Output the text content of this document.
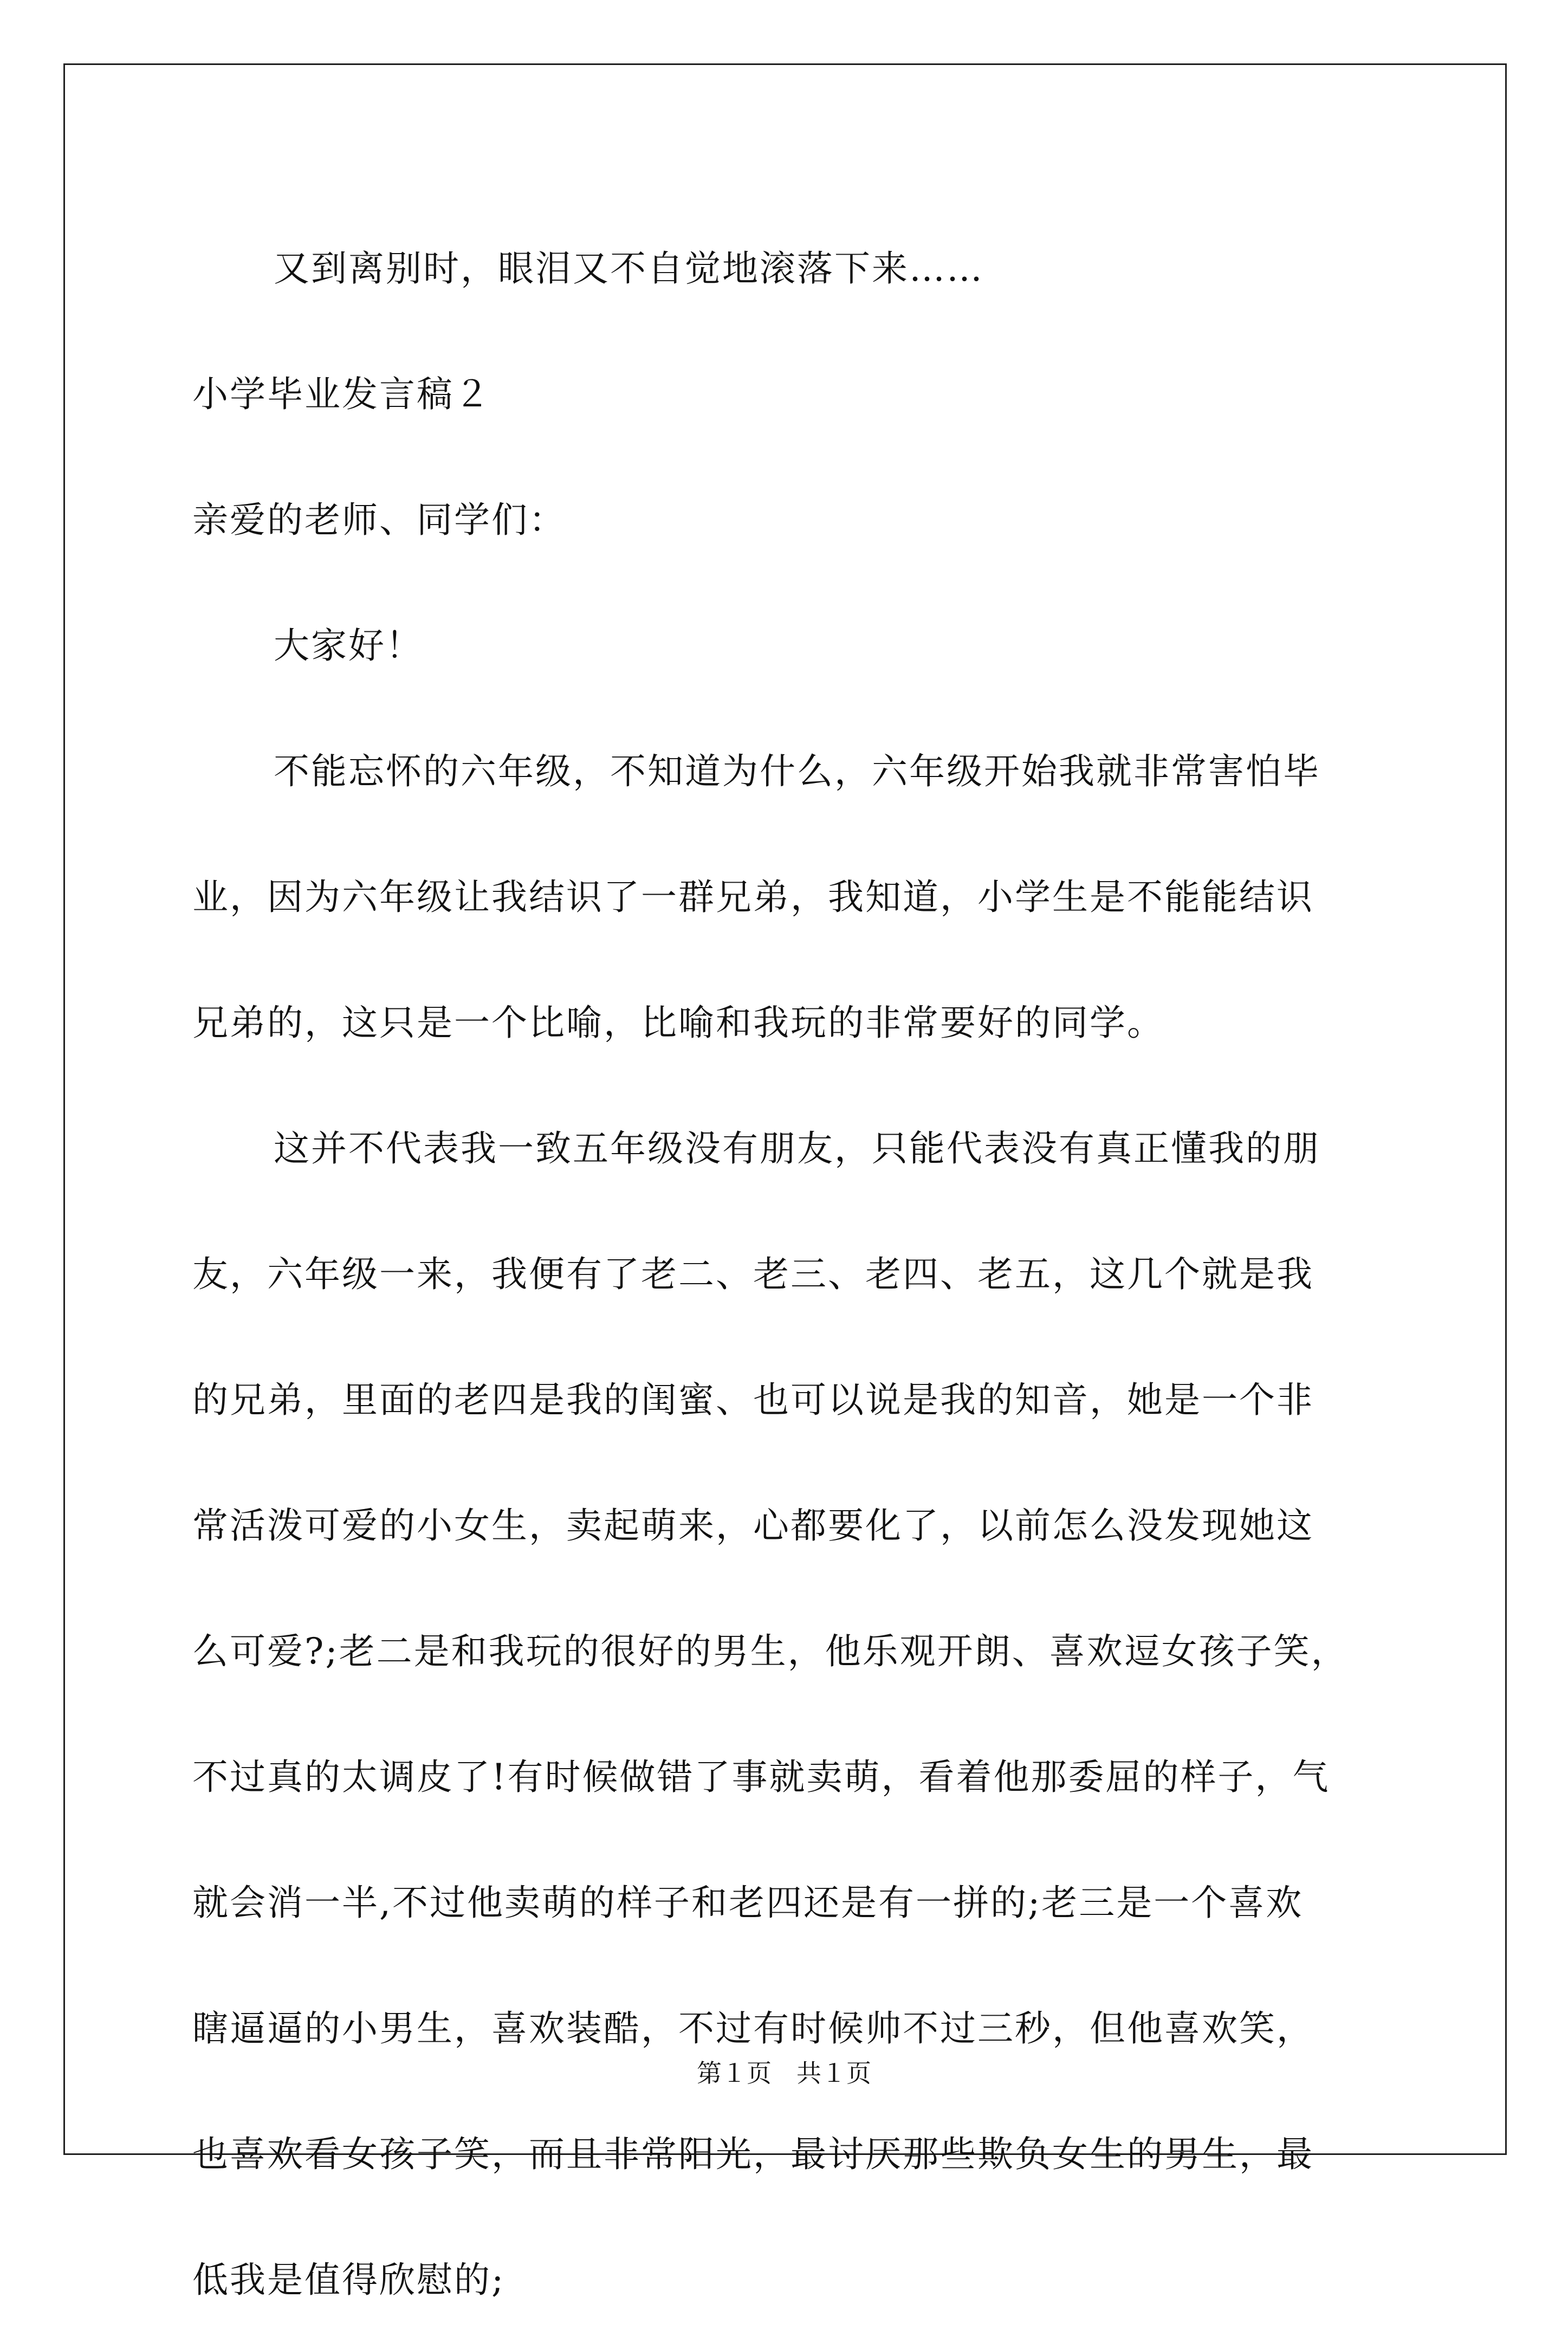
又到离别时，眼泪又不自觉地滚落下来……
小学毕业发言稿２
亲爱的老师、同学们：
大家好！
不能忘怀的六年级，不知道为什么，六年级开始我就非常害怕毕
业，因为六年级让我结识了一群兄弟，我知道，小学生是不能能结识
兄弟的，这只是一个比喻，比喻和我玩的非常要好的同学。
这并不代表我一致五年级没有朋友，只能代表没有真正懂我的朋
友，六年级一来，我便有了老二、老三、老四、老五，这几个就是我
的兄弟，里面的老四是我的闺蜜、也可以说是我的知音，她是一个非
常活泼可爱的小女生，卖起萌来，心都要化了，以前怎么没发现她这
么可爱?;老二是和我玩的很好的男生，他乐观开朗、喜欢逗女孩子笑，
不过真的太调皮了!有时候做错了事就卖萌，看着他那委屈的样子，气
就会消一半,不过他卖萌的样子和老四还是有一拼的;老三是一个喜欢
瞎逼逼的小男生，喜欢装酷，不过有时候帅不过三秒，但他喜欢笑，
也喜欢看女孩子笑，而且非常阳光，最讨厌那些欺负女生的男生，最
低我是值得欣慰的;
第１页　共１页
